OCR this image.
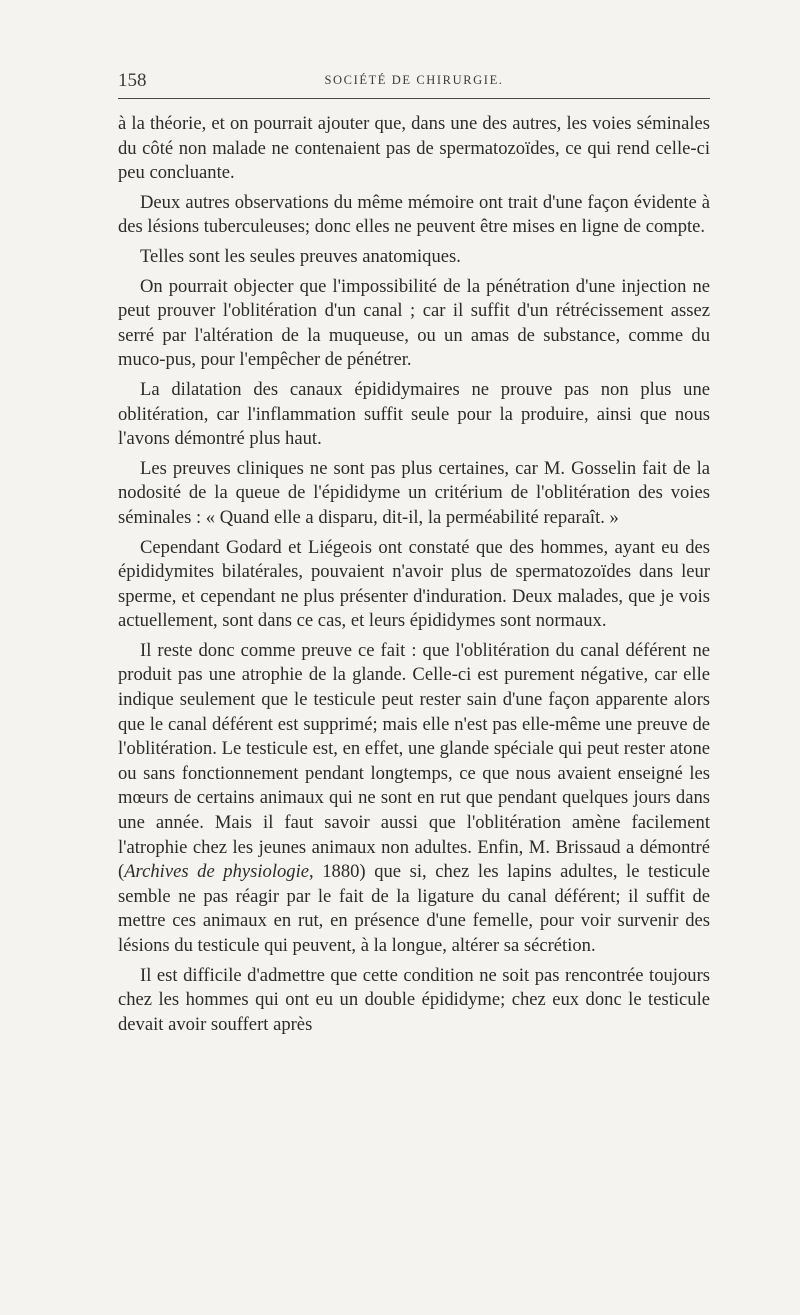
158	SOCIÉTÉ DE CHIRURGIE.

à la théorie, et on pourrait ajouter que, dans une des autres, les voies séminales du côté non malade ne contenaient pas de spermatozoïdes, ce qui rend celle-ci peu concluante.

Deux autres observations du même mémoire ont trait d'une façon évidente à des lésions tuberculeuses; donc elles ne peuvent être mises en ligne de compte.

Telles sont les seules preuves anatomiques.

On pourrait objecter que l'impossibilité de la pénétration d'une injection ne peut prouver l'oblitération d'un canal ; car il suffit d'un rétrécissement assez serré par l'altération de la muqueuse, ou un amas de substance, comme du muco-pus, pour l'empêcher de pénétrer.

La dilatation des canaux épididymaires ne prouve pas non plus une oblitération, car l'inflammation suffit seule pour la produire, ainsi que nous l'avons démontré plus haut.

Les preuves cliniques ne sont pas plus certaines, car M. Gosselin fait de la nodosité de la queue de l'épididyme un critérium de l'oblitération des voies séminales : « Quand elle a disparu, dit-il, la perméabilité reparaît. »

Cependant Godard et Liégeois ont constaté que des hommes, ayant eu des épididymites bilatérales, pouvaient n'avoir plus de spermatozoïdes dans leur sperme, et cependant ne plus présenter d'induration. Deux malades, que je vois actuellement, sont dans ce cas, et leurs épididymes sont normaux.

Il reste donc comme preuve ce fait : que l'oblitération du canal déférent ne produit pas une atrophie de la glande. Celle-ci est purement négative, car elle indique seulement que le testicule peut rester sain d'une façon apparente alors que le canal déférent est supprimé; mais elle n'est pas elle-même une preuve de l'oblitération. Le testicule est, en effet, une glande spéciale qui peut rester atone ou sans fonctionnement pendant longtemps, ce que nous avaient enseigné les mœurs de certains animaux qui ne sont en rut que pendant quelques jours dans une année. Mais il faut savoir aussi que l'oblitération amène facilement l'atrophie chez les jeunes animaux non adultes. Enfin, M. Brissaud a démontré (Archives de physiologie, 1880) que si, chez les lapins adultes, le testicule semble ne pas réagir par le fait de la ligature du canal déférent; il suffit de mettre ces animaux en rut, en présence d'une femelle, pour voir survenir des lésions du testicule qui peuvent, à la longue, altérer sa sécrétion.

Il est difficile d'admettre que cette condition ne soit pas rencontrée toujours chez les hommes qui ont eu un double épididyme; chez eux donc le testicule devait avoir souffert après
